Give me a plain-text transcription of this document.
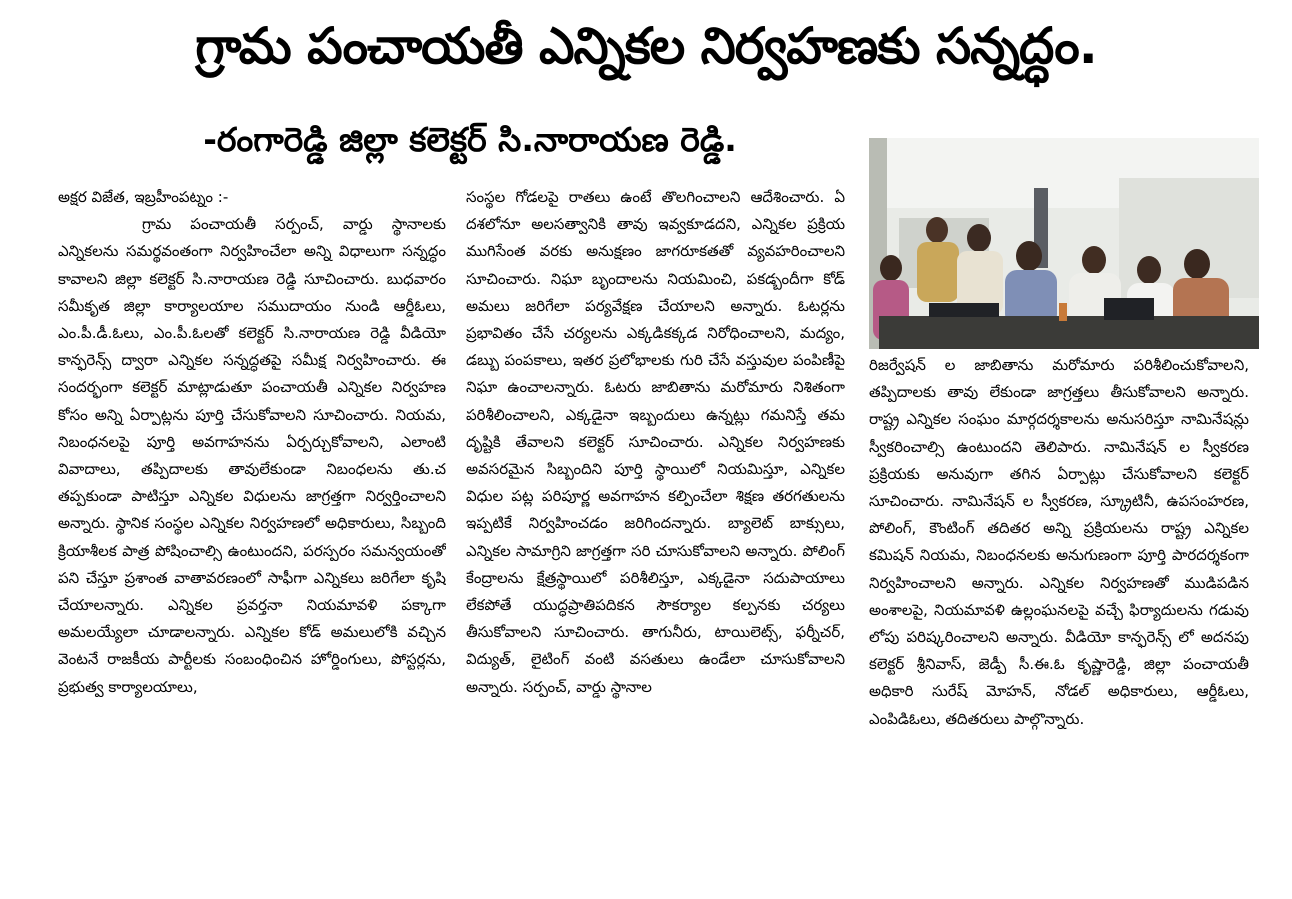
గ్రామ పంచాయతీ ఎన్నికల నిర్వహణకు సన్నద్ధం.
-రంగారెడ్డి జిల్లా కలెక్టర్ సి.నారాయణ రెడ్డి.

అక్షర విజేత, ఇబ్రహీంపట్నం :-

గ్రామ పంచాయతీ సర్పంచ్, వార్డు స్థానాలకు ఎన్నికలను సమర్థవంతంగా నిర్వహించేలా అన్ని విధాలుగా సన్నద్ధం కావాలని జిల్లా కలెక్టర్ సి.నారాయణ రెడ్డి సూచించారు. బుధవారం సమీకృత జిల్లా కార్యాలయాల సముదాయం నుండి ఆర్డీఓలు, ఎం.పీ.డీ.ఓలు, ఎం.పీ.ఓలతో కలెక్టర్ సి.నారాయణ రెడ్డి వీడియో కాన్ఫరెన్స్ ద్వారా ఎన్నికల సన్నద్ధతపై సమీక్ష నిర్వహించారు. ఈ సందర్భంగా కలెక్టర్ మాట్లాడుతూ పంచాయతీ ఎన్నికల నిర్వహణ కోసం అన్ని ఏర్పాట్లను పూర్తి చేసుకోవాలని సూచించారు. నియమ, నిబంధనలపై పూర్తి అవగాహనను ఏర్పర్చుకోవాలని, ఎలాంటి వివాదాలు, తప్పిదాలకు తావులేకుండా నిబంధలను తు.చ తప్పకుండా పాటిస్తూ ఎన్నికల విధులను జాగ్రత్తగా నిర్వర్తించాలని అన్నారు. స్థానిక సంస్థల ఎన్నికల నిర్వహణలో అధికారులు, సిబ్బంది క్రియాశీలక పాత్ర పోషించాల్సి ఉంటుందని, పరస్పరం సమన్వయంతో పని చేస్తూ ప్రశాంత వాతావరణంలో సాఫీగా ఎన్నికలు జరిగేలా కృషి చేయాలన్నారు. ఎన్నికల ప్రవర్తనా నియమావళి పక్కాగా అమలయ్యేలా చూడాలన్నారు. ఎన్నికల కోడ్ అమలులోకి వచ్చిన వెంటనే రాజకీయ పార్టీలకు సంబంధించిన హోర్డింగులు, పోస్టర్లను, ప్రభుత్వ కార్యాలయాలు,

సంస్థల గోడలపై రాతలు ఉంటే తొలగించాలని ఆదేశించారు. ఏ దశలోనూ అలసత్వానికి తావు ఇవ్వకూడదని, ఎన్నికల ప్రక్రియ ముగిసేంత వరకు అనుక్షణం జాగరూకతతో వ్యవహరించాలని సూచించారు. నిఘా బృందాలను నియమించి, పకడ్బందీగా కోడ్ అమలు జరిగేలా పర్యవేక్షణ చేయాలని అన్నారు. ఓటర్లను ప్రభావితం చేసే చర్యలను ఎక్కడికక్కడ నిరోధించాలని, మద్యం, డబ్బు పంపకాలు, ఇతర ప్రలోభాలకు గురి చేసే వస్తువుల పంపిణీపై నిఘా ఉంచాలన్నారు. ఓటరు జాబితాను మరోమారు నిశితంగా పరిశీలించాలని, ఎక్కడైనా ఇబ్బందులు ఉన్నట్లు గమనిస్తే తమ దృష్టికి తేవాలని కలెక్టర్ సూచించారు. ఎన్నికల నిర్వహణకు అవసరమైన సిబ్బందిని పూర్తి స్థాయిలో నియమిస్తూ, ఎన్నికల విధుల పట్ల పరిపూర్ణ అవగాహన కల్పించేలా శిక్షణ తరగతులను ఇప్పటికే నిర్వహించడం జరిగిందన్నారు. బ్యాలెట్ బాక్సులు, ఎన్నికల సామాగ్రిని జాగ్రత్తగా సరి చూసుకోవాలని అన్నారు. పోలింగ్ కేంద్రాలను క్షేత్రస్థాయిలో పరిశీలిస్తూ, ఎక్కడైనా సదుపాయాలు లేకపోతే యుద్ధప్రాతిపదికన సౌకర్యాల కల్పనకు చర్యలు తీసుకోవాలని సూచించారు. తాగునీరు, టాయిలెట్స్, ఫర్నీచర్, విద్యుత్, లైటింగ్ వంటి వసతులు ఉండేలా చూసుకోవాలని అన్నారు. సర్పంచ్, వార్డు స్థానాల

రిజర్వేషన్ ల జాబితాను మరోమారు పరిశీలించుకోవాలని, తప్పిదాలకు తావు లేకుండా జాగ్రత్తలు తీసుకోవాలని అన్నారు. రాష్ట్ర ఎన్నికల సంఘం మార్గదర్శకాలను అనుసరిస్తూ నామినేషన్లు స్వీకరించాల్సి ఉంటుందని తెలిపారు. నామినేషన్ ల స్వీకరణ ప్రక్రియకు అనువుగా తగిన ఏర్పాట్లు చేసుకోవాలని కలెక్టర్ సూచించారు. నామినేషన్ ల స్వీకరణ, స్క్రూటినీ, ఉపసంహరణ, పోలింగ్, కౌంటింగ్ తదితర అన్ని ప్రక్రియలను రాష్ట్ర ఎన్నికల కమిషన్ నియమ, నిబంధనలకు అనుగుణంగా పూర్తి పారదర్శకంగా నిర్వహించాలని అన్నారు. ఎన్నికల నిర్వహణతో ముడిపడిన అంశాలపై, నియమావళి ఉల్లంఘనలపై వచ్చే ఫిర్యాదులను గడువు లోపు పరిష్కరించాలని అన్నారు. వీడియో కాన్ఫరెన్స్ లో అదనపు కలెక్టర్ శ్రీనివాస్, జెడ్పీ సీ.ఈ.ఓ కృష్ణారెడ్డి, జిల్లా పంచాయతీ అధికారి సురేష్ మోహన్, నోడల్ అధికారులు, ఆర్డీఓలు, ఎంపిడిఓలు, తదితరులు పాల్గొన్నారు.
